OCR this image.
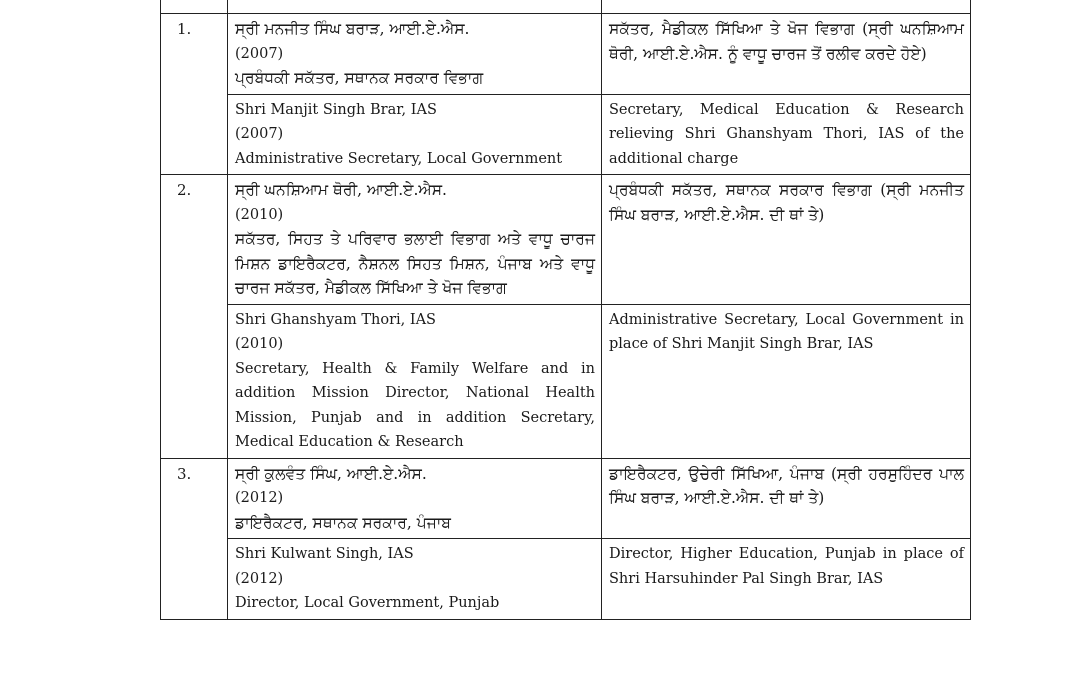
1.	ਸ੍ਰੀ ਮਨਜੀਤ ਸਿੰਘ ਬਰਾੜ, ਆਈ.ਏ.ਐਸ.
(2007)
ਪ੍ਰਬੰਧਕੀ ਸਕੱਤਰ, ਸਥਾਨਕ ਸਰਕਾਰ ਵਿਭਾਗ	ਸਕੱਤਰ, ਮੈਡੀਕਲ ਸਿੱਖਿਆ ਤੇ ਖੋਜ ਵਿਭਾਗ (ਸ੍ਰੀ ਘਨਸ਼ਿਆਮ ਥੋਰੀ, ਆਈ.ਏ.ਐਸ. ਨੂੰ ਵਾਧੂ ਚਾਰਜ ਤੋਂ ਰਲੀਵ ਕਰਦੇ ਹੋਏ)

	Shri Manjit Singh Brar, IAS
(2007)
Administrative Secretary, Local Government	Secretary, Medical Education & Research relieving Shri Ghanshyam Thori, IAS of the additional charge

2.	ਸ੍ਰੀ ਘਨਸ਼ਿਆਮ ਥੋਰੀ, ਆਈ.ਏ.ਐਸ.
(2010)
ਸਕੱਤਰ, ਸਿਹਤ ਤੇ ਪਰਿਵਾਰ ਭਲਾਈ ਵਿਭਾਗ ਅਤੇ ਵਾਧੂ ਚਾਰਜ ਮਿਸ਼ਨ ਡਾਇਰੈਕਟਰ, ਨੈਸ਼ਨਲ ਸਿਹਤ ਮਿਸ਼ਨ, ਪੰਜਾਬ ਅਤੇ ਵਾਧੂ ਚਾਰਜ ਸਕੱਤਰ, ਮੈਡੀਕਲ ਸਿੱਖਿਆ ਤੇ ਖੋਜ ਵਿਭਾਗ	ਪ੍ਰਬੰਧਕੀ ਸਕੱਤਰ, ਸਥਾਨਕ ਸਰਕਾਰ ਵਿਭਾਗ (ਸ੍ਰੀ ਮਨਜੀਤ ਸਿੰਘ ਬਰਾੜ, ਆਈ.ਏ.ਐਸ. ਦੀ ਥਾਂ ਤੇ)

	Shri Ghanshyam Thori, IAS
(2010)
Secretary, Health & Family Welfare and in addition Mission Director, National Health Mission, Punjab and in addition Secretary, Medical Education & Research	Administrative Secretary, Local Government in place of Shri Manjit Singh Brar, IAS

3.	ਸ੍ਰੀ ਕੁਲਵੰਤ ਸਿੰਘ, ਆਈ.ਏ.ਐਸ.
(2012)
ਡਾਇਰੈਕਟਰ, ਸਥਾਨਕ ਸਰਕਾਰ, ਪੰਜਾਬ	ਡਾਇਰੈਕਟਰ, ਉਚੇਰੀ ਸਿੱਖਿਆ, ਪੰਜਾਬ (ਸ੍ਰੀ ਹਰਸੁਹਿੰਦਰ ਪਾਲ ਸਿੰਘ ਬਰਾੜ, ਆਈ.ਏ.ਐਸ. ਦੀ ਥਾਂ ਤੇ)

	Shri Kulwant Singh, IAS
(2012)
Director, Local Government, Punjab	Director, Higher Education, Punjab in place of Shri Harsuhinder Pal Singh Brar, IAS
